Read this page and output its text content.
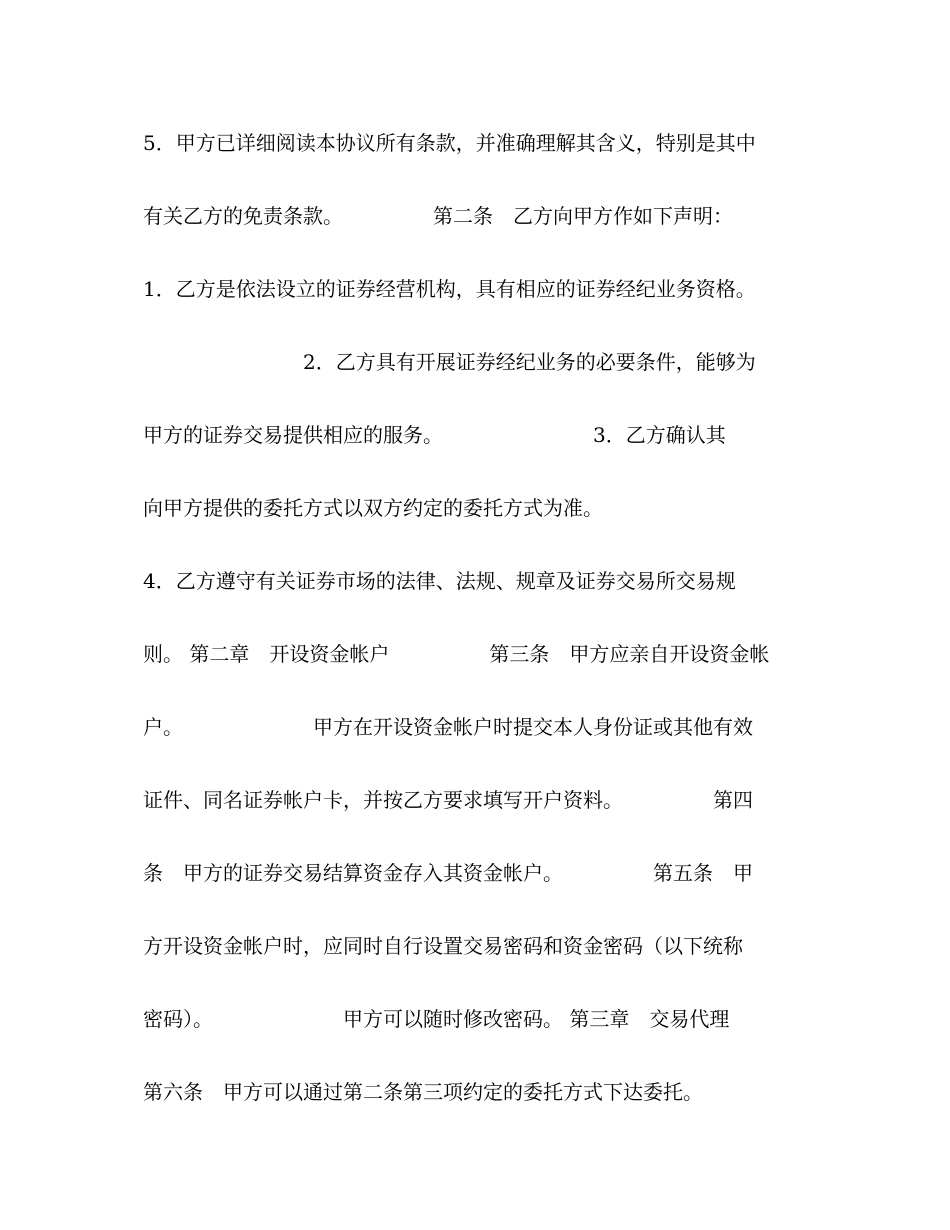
5．甲方已详细阅读本协议所有条款，并准确理解其含义，特别是其中
有关乙方的免责条款。　　　　　第二条　乙方向甲方作如下声明：
1．乙方是依法设立的证券经营机构，具有相应的证券经纪业务资格。
　　　　　　　　2．乙方具有开展证券经纪业务的必要条件，能够为
甲方的证券交易提供相应的服务。　　　　　　　　3．乙方确认其
向甲方提供的委托方式以双方约定的委托方式为准。
4．乙方遵守有关证券市场的法律、法规、规章及证券交易所交易规
则。 第二章　开设资金帐户　　　　　第三条　甲方应亲自开设资金帐
户。　　　　　　　甲方在开设资金帐户时提交本人身份证或其他有效
证件、同名证券帐户卡，并按乙方要求填写开户资料。　　　　　第四
条　甲方的证券交易结算资金存入其资金帐户。　　　　　第五条　甲
方开设资金帐户时，应同时自行设置交易密码和资金密码（以下统称
密码）。　　　　　　　甲方可以随时修改密码。 第三章　交易代理
第六条　甲方可以通过第二条第三项约定的委托方式下达委托。
